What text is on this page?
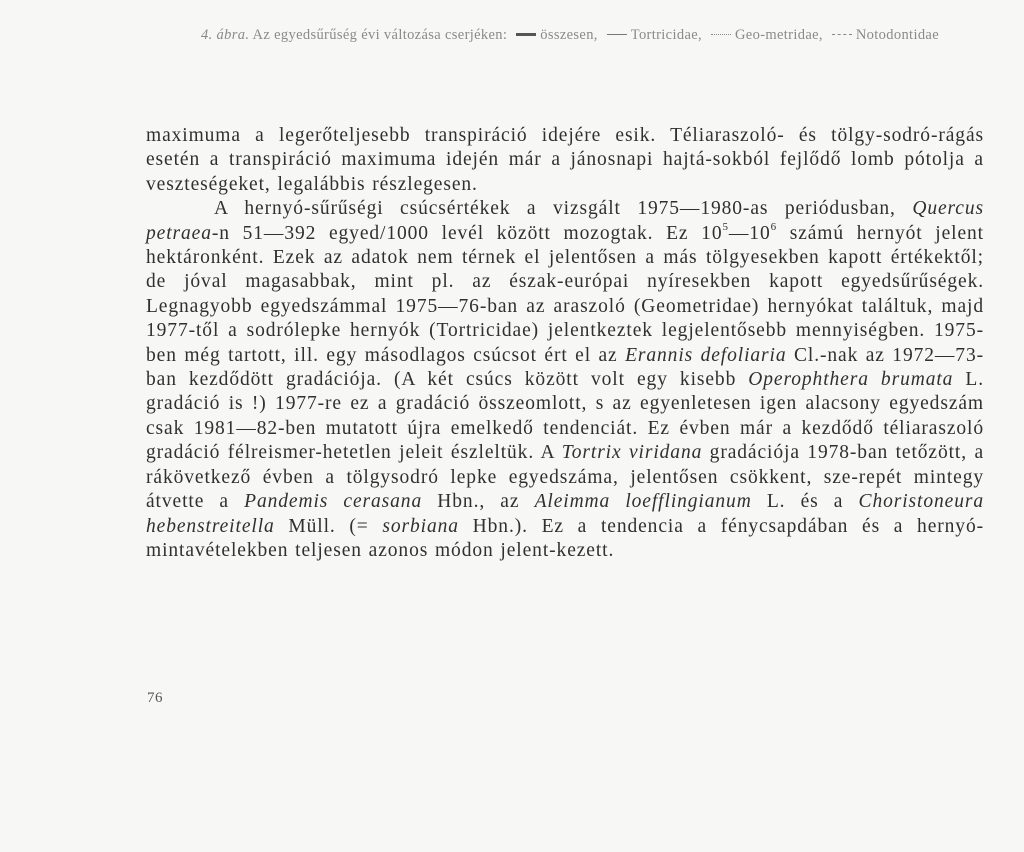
4. ábra. Az egyedsűrűség évi változása cserjéken: összesen, Tortricidae, Geo-metridae, Notodontidae

maximuma a legerőteljesebb transpiráció idejére esik. Téliaraszoló- és tölgy-sodró-rágás esetén a transpiráció maximuma idején már a jánosnapi hajtá-sokból fejlődő lomb pótolja a veszteségeket, legalábbis részlegesen.

A hernyó-sűrűségi csúcsértékek a vizsgált 1975—1980-as periódusban, Quercus petraea-n 51—392 egyed/1000 levél között mozogtak. Ez $10^5—10^6$ számú hernyót jelent hektáronként. Ezek az adatok nem térnek el jelentősen a más tölgyesekben kapott értékektől; de jóval magasabbak, mint pl. az észak-európai nyíresekben kapott egyedsűrűségek. Legnagyobb egyedszámmal 1975—76-ban az araszoló (Geometridae) hernyókat találtuk, majd 1977-től a sodrólepke hernyók (Tortricidae) jelentkeztek legjelentősebb mennyiségben. 1975-ben még tartott, ill. egy másodlagos csúcsot ért el az Erannis defoliaria Cl.-nak az 1972—73-ban kezdődött gradációja. (A két csúcs között volt egy kisebb Operophthera brumata L. gradáció is !) 1977-re ez a gradáció összeomlott, s az egyenletesen igen alacsony egyedszám csak 1981—82-ben mutatott újra emelkedő tendenciát. Ez évben már a kezdődő téliaraszoló gradáció félreismer-hetetlen jeleit észleltük. A Tortrix viridana gradációja 1978-ban tetőzött, a rákövetkező évben a tölgysodró lepke egyedszáma, jelentősen csökkent, sze-repét mintegy átvette a Pandemis cerasana Hbn., az Aleimma loefflingianum L. és a Choristoneura hebenstreitella Müll. (= sorbiana Hbn.). Ez a tendencia a fénycsapdában és a hernyó-mintavételekben teljesen azonos módon jelent-kezett.

76
